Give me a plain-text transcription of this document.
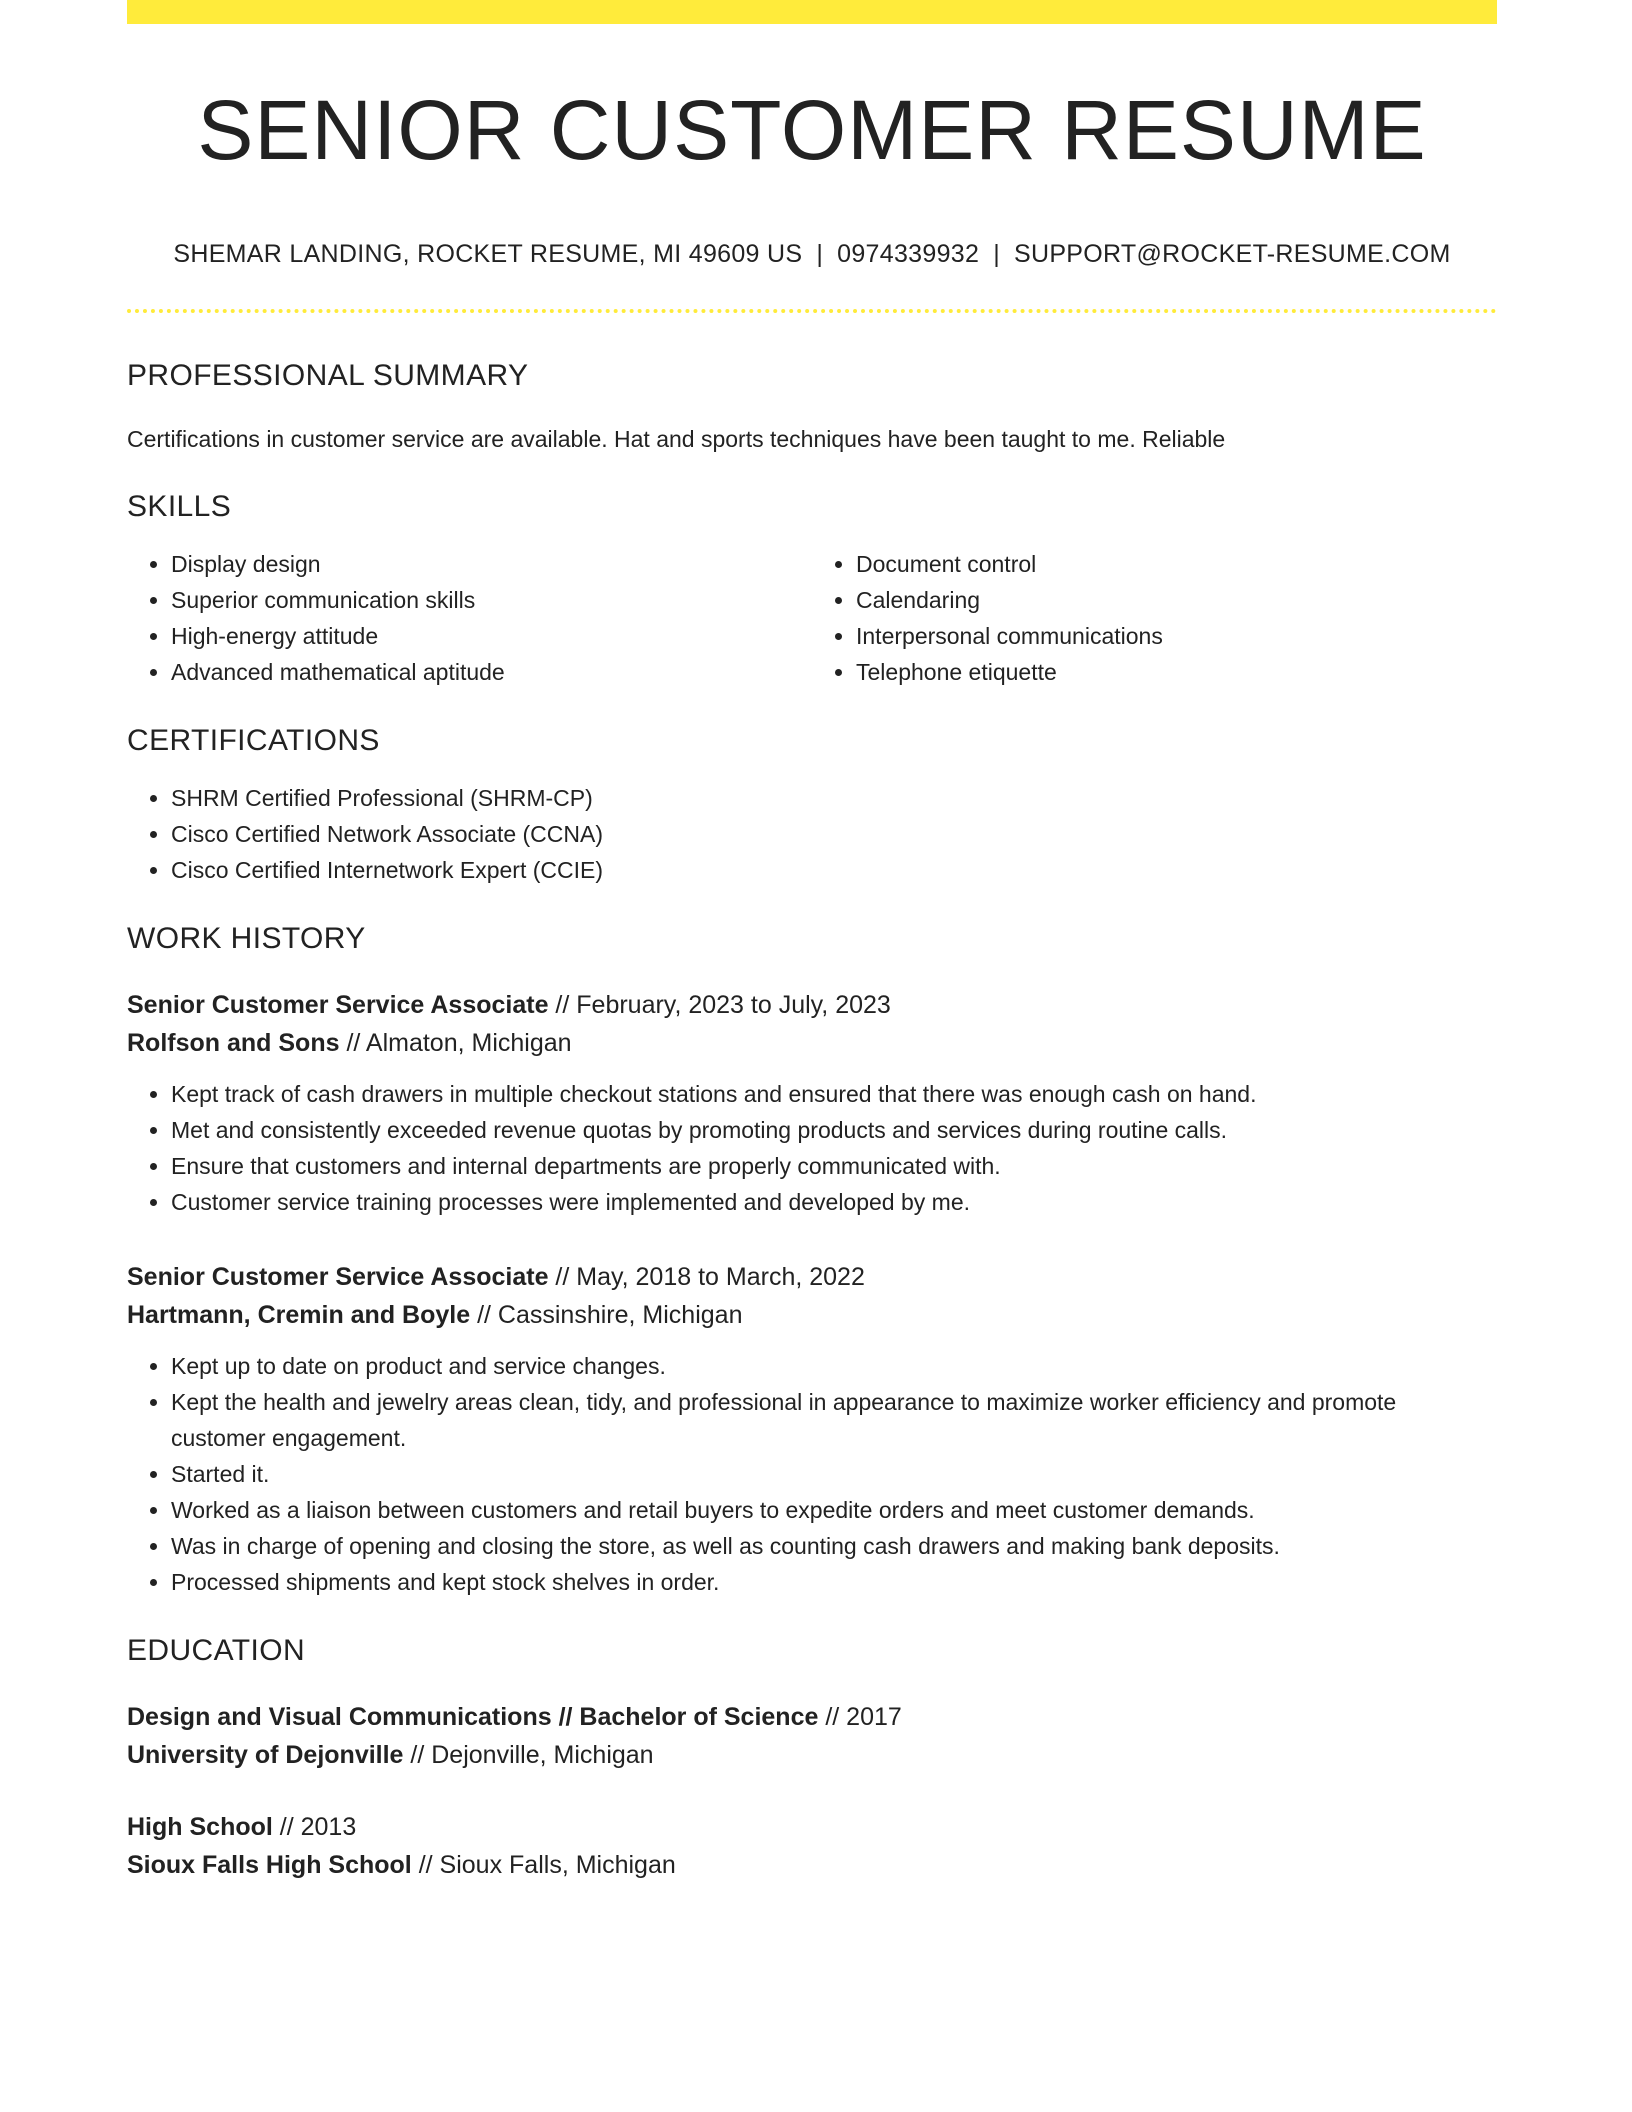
SENIOR CUSTOMER RESUME
SHEMAR LANDING, ROCKET RESUME, MI 49609 US | 0974339932 | SUPPORT@ROCKET-RESUME.COM
PROFESSIONAL SUMMARY
Certifications in customer service are available. Hat and sports techniques have been taught to me. Reliable
SKILLS
• Display design
• Superior communication skills
• High-energy attitude
• Advanced mathematical aptitude
• Document control
• Calendaring
• Interpersonal communications
• Telephone etiquette
CERTIFICATIONS
• SHRM Certified Professional (SHRM-CP)
• Cisco Certified Network Associate (CCNA)
• Cisco Certified Internetwork Expert (CCIE)
WORK HISTORY
Senior Customer Service Associate // February, 2023 to July, 2023
Rolfson and Sons // Almaton, Michigan
• Kept track of cash drawers in multiple checkout stations and ensured that there was enough cash on hand.
• Met and consistently exceeded revenue quotas by promoting products and services during routine calls.
• Ensure that customers and internal departments are properly communicated with.
• Customer service training processes were implemented and developed by me.
Senior Customer Service Associate // May, 2018 to March, 2022
Hartmann, Cremin and Boyle // Cassinshire, Michigan
• Kept up to date on product and service changes.
• Kept the health and jewelry areas clean, tidy, and professional in appearance to maximize worker efficiency and promote customer engagement.
• Started it.
• Worked as a liaison between customers and retail buyers to expedite orders and meet customer demands.
• Was in charge of opening and closing the store, as well as counting cash drawers and making bank deposits.
• Processed shipments and kept stock shelves in order.
EDUCATION
Design and Visual Communications // Bachelor of Science // 2017
University of Dejonville // Dejonville, Michigan
High School // 2013
Sioux Falls High School // Sioux Falls, Michigan
